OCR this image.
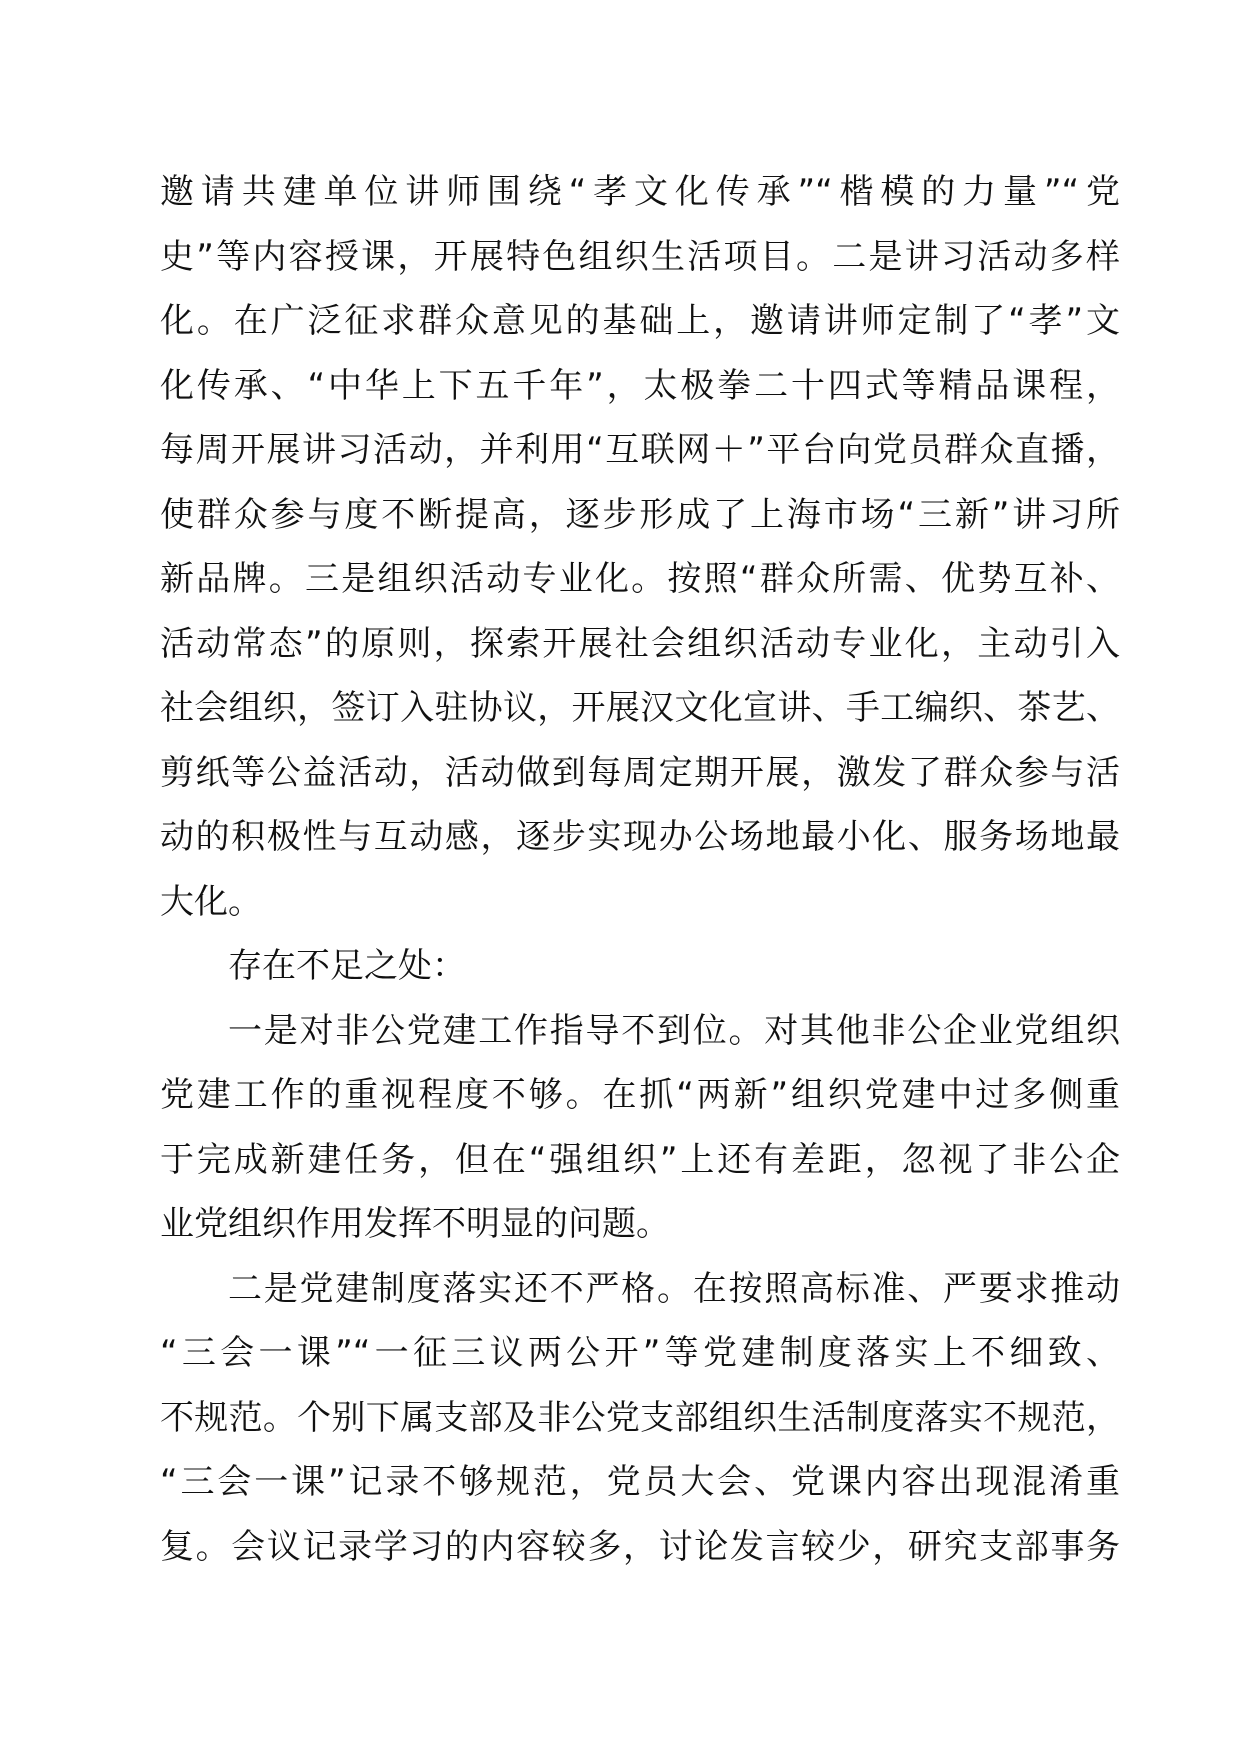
邀请共建单位讲师围绕“孝文化传承”“楷模的力量”“党
史”等内容授课，开展特色组织生活项目。二是讲习活动多样
化。在广泛征求群众意见的基础上，邀请讲师定制了“孝”文
化传承、“中华上下五千年”，太极拳二十四式等精品课程，
每周开展讲习活动，并利用“互联网＋”平台向党员群众直播，
使群众参与度不断提高，逐步形成了上海市场“三新”讲习所
新品牌。三是组织活动专业化。按照“群众所需、优势互补、
活动常态”的原则，探索开展社会组织活动专业化，主动引入
社会组织，签订入驻协议，开展汉文化宣讲、手工编织、茶艺、
剪纸等公益活动，活动做到每周定期开展，激发了群众参与活
动的积极性与互动感，逐步实现办公场地最小化、服务场地最
大化。
存在不足之处：
一是对非公党建工作指导不到位。对其他非公企业党组织
党建工作的重视程度不够。在抓“两新”组织党建中过多侧重
于完成新建任务，但在“强组织”上还有差距，忽视了非公企
业党组织作用发挥不明显的问题。
二是党建制度落实还不严格。在按照高标准、严要求推动
“三会一课”“一征三议两公开”等党建制度落实上不细致、
不规范。个别下属支部及非公党支部组织生活制度落实不规范，
“三会一课”记录不够规范，党员大会、党课内容出现混淆重
复。会议记录学习的内容较多，讨论发言较少，研究支部事务
